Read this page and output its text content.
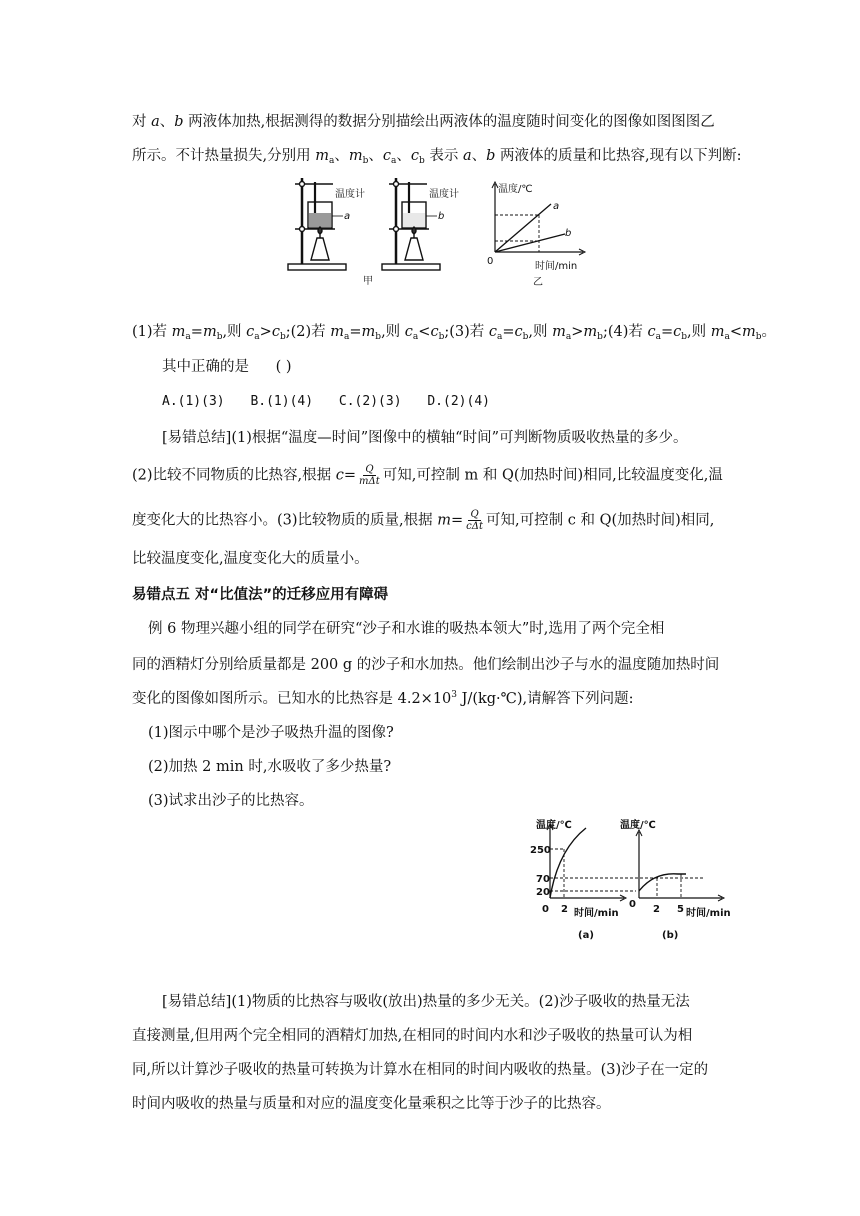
对 a、b 两液体加热,根据测得的数据分别描绘出两液体的温度随时间变化的图像如图图图乙
所示。不计热量损失,分别用 $m_a$、$m_b$、$c_a$、$c_b$ 表示 a、b 两液体的质量和比热容,现有以下判断:
温度计
a
温度计
b
甲
温度/℃
时间/min
0
a
b
乙
(1)若 $m_a=m_b$,则 $c_a>c_b;(2)$若 $m_a=m_b$,则 $c_a<c_b;(3)$若 $c_a=c_b$,则 $m_a>m_b;(4)$若 $c_a=c_b$,则 $m_a<m_b$。
其中正确的是 ( )
A.(1)(3) B.(1)(4) C.(2)(3) D.(2)(4)
[易错总结](1)根据“温度—时间”图像中的横轴“时间”可判断物质吸收热量的多少。
(2)比较不同物质的比热容,根据 $c= \frac{Q}{\text{mΔt}}$ 可知,可控制 m 和 Q(加热时间)相同,比较温度变化,温
度变化大的比热容小。(3)比较物质的质量,根据 $m= \frac{Q}{\text{cΔt}}$ 可知,可控制 c 和 Q(加热时间)相同,
比较温度变化,温度变化大的质量小。
易错点五 对“比值法”的迁移应用有障碍
例 6 物理兴趣小组的同学在研究“沙子和水谁的吸热本领大”时,选用了两个完全相
同的酒精灯分别给质量都是 200 g 的沙子和水加热。他们绘制出沙子与水的温度随加热时间
变化的图像如图所示。已知水的比热容是 $4.2\times 10^3$ J/(kg·℃),请解答下列问题:
(1)图示中哪个是沙子吸热升温的图像?
(2)加热 2 min 时,水吸收了多少热量?
(3)试求出沙子的比热容。
温度/℃
250
70
20
0 2 时间/min
(a)
温度/℃
0 2 5 时间/min
(b)
[易错总结](1)物质的比热容与吸收(放出)热量的多少无关。(2)沙子吸收的热量无法
直接测量,但用两个完全相同的酒精灯加热,在相同的时间内水和沙子吸收的热量可认为相
同,所以计算沙子吸收的热量可转换为计算水在相同的时间内吸收的热量。(3)沙子在一定的
时间内吸收的热量与质量和对应的温度变化量乘积之比等于沙子的比热容。
